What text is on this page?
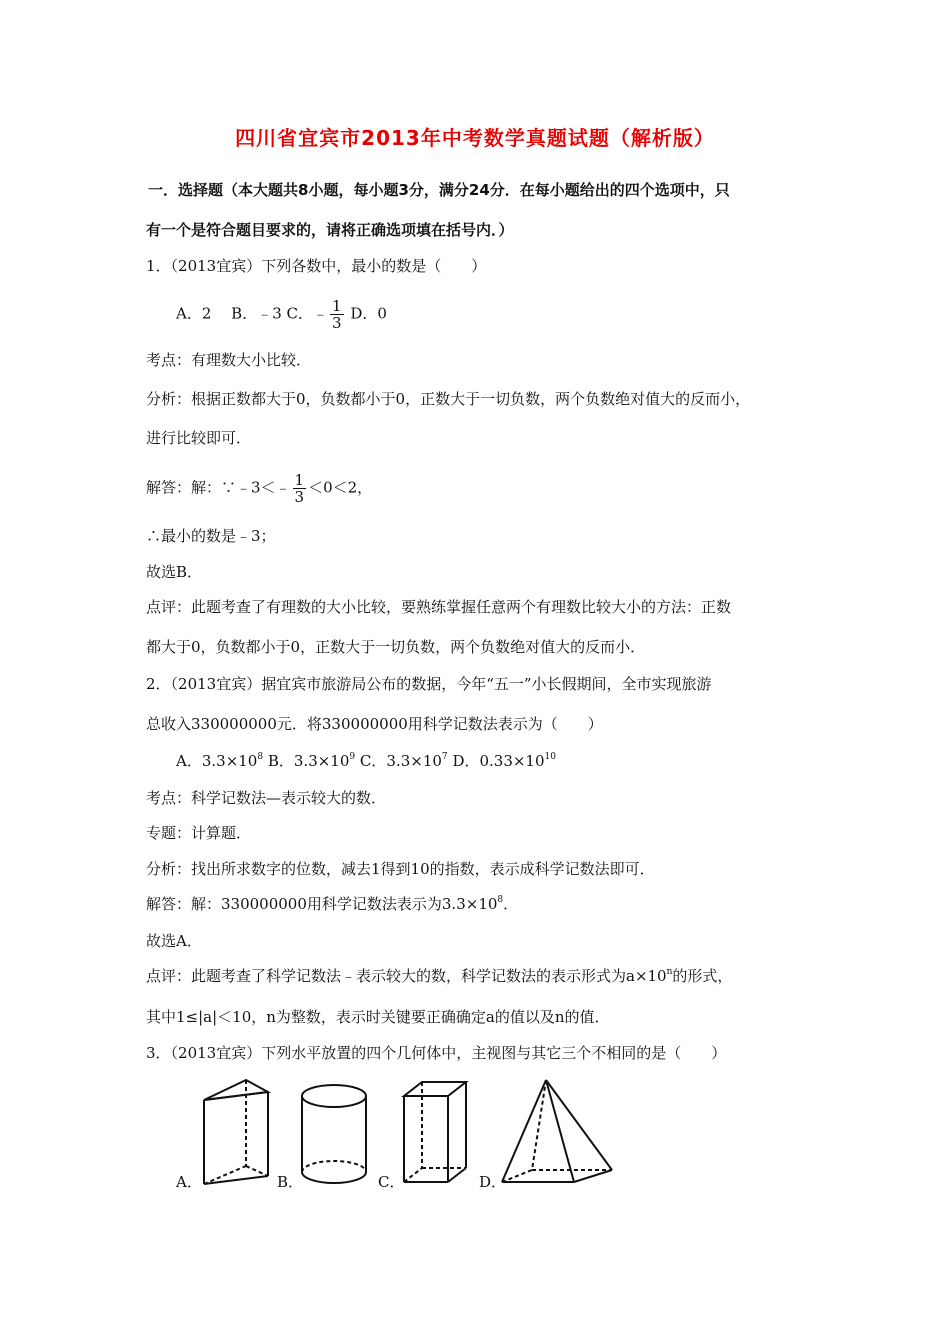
四川省宜宾市2013年中考数学真题试题（解析版）
一．选择题（本大题共8小题，每小题3分，满分24分．在每小题给出的四个选项中，只
有一个是符合题目要求的，请将正确选项填在括号内．）
1．（2013宜宾）下列各数中，最小的数是（　　）
A．2  B．﹣3 C．﹣ $\frac{1}{3}$ D．0
考点：有理数大小比较．
分析：根据正数都大于0，负数都小于0，正数大于一切负数，两个负数绝对值大的反而小，
进行比较即可．
解答：解：∵﹣3＜﹣ $\frac{1}{3} <0<2$，
∴最小的数是﹣3；
故选B．
点评：此题考查了有理数的大小比较，要熟练掌握任意两个有理数比较大小的方法：正数
都大于0，负数都小于0，正数大于一切负数，两个负数绝对值大的反而小．
2．（2013宜宾）据宜宾市旅游局公布的数据，今年“五一”小长假期间，全市实现旅游
总收入330000000元．将330000000用科学记数法表示为（　　）
A．$3.3\times 10^8$ B．$3.3\times 10^9$ C．$3.3\times 10^7$ D．$0.33\times 10^{10}$
考点：科学记数法—表示较大的数．
专题：计算题．
分析：找出所求数字的位数，减去1得到10的指数，表示成科学记数法即可．
解答：解：330000000用科学记数法表示为$3.3\times 10^8$．
故选A．
点评：此题考查了科学记数法﹣表示较大的数，科学记数法的表示形式为$a\times 10^n$的形式，
其中1≤|a|＜10，n为整数，表示时关键要正确确定a的值以及n的值．
3．（2013宜宾）下列水平放置的四个几何体中，主视图与其它三个不相同的是（　　）
A．	B．	C．	D．
